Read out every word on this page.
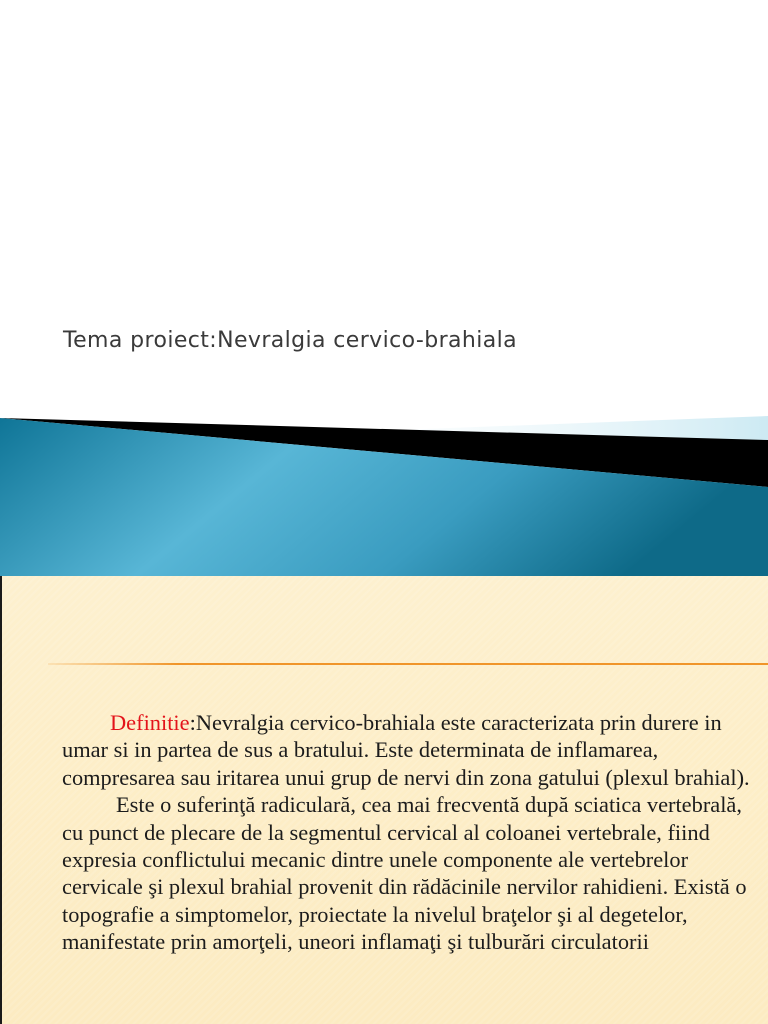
Tema proiect:Nevralgia cervico-brahiala

Definitie:Nevralgia cervico-brahiala este caracterizata prin durere in umar si in partea de sus a bratului. Este determinata de inflamarea, compresarea sau iritarea unui grup de nervi din zona gatului (plexul brahial).

Este o suferinţă radiculară, cea mai frecventă după sciatica vertebrală, cu punct de plecare de la segmentul cervical al coloanei vertebrale, fiind expresia conflictului mecanic dintre unele componente ale vertebrelor cervicale şi plexul brahial provenit din rădăcinile nervilor rahidieni. Există o topografie a simptomelor, proiectate la nivelul braţelor şi al degetelor, manifestate prin amorţeli, uneori inflamaţi şi tulburări circulatorii
